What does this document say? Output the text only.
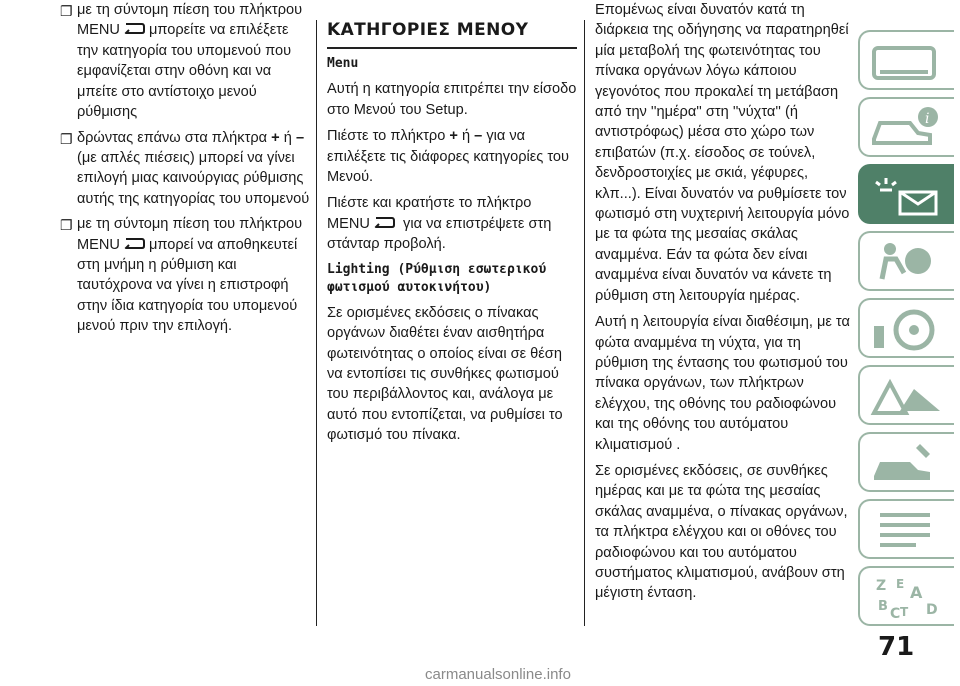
❐ με τη σύντομη πίεση του πλήκτρου
MENU μπορείτε να επιλέξετε την κατηγορία του υπομενού που εμφανίζεται στην οθόνη και να μπείτε στο αντίστοιχο μενού ρύθμισης
❐ δρώντας επάνω στα πλήκτρα + ή – (με απλές πιέσεις) μπορεί να γίνει επιλογή μιας καινούργιας ρύθμισης αυτής της κατηγορίας του υπομενού
❐ με τη σύντομη πίεση του πλήκτρου
MENU μπορεί να αποθηκευτεί στη μνήμη η ρύθμιση και ταυτόχρονα να γίνει η επιστροφή στην ίδια κατηγορία του υπομενού μενού πριν την επιλογή.
ΚΑΤΗΓΟΡΙΕΣ ΜΕΝΟΥ
Menu

Αυτή η κατηγορία επιτρέπει την είσοδο στο Μενού του Setup.

Πιέστε το πλήκτρο + ή – για να επιλέξετε τις διάφορες κατηγορίες του Μενού.

Πιέστε και κρατήστε το πλήκτρο
MENU για να επιστρέψετε στη στάνταρ προβολή.

Lighting (Ρύθμιση εσωτερικού φωτισμού αυτοκινήτου)

Σε ορισμένες εκδόσεις ο πίνακας οργάνων διαθέτει έναν αισθητήρα φωτεινότητας ο οποίος είναι σε θέση να εντοπίσει τις συνθήκες φωτισμού του περιβάλλοντος και, ανάλογα με αυτό που εντοπίζεται, να ρυθμίσει το φωτισμό του πίνακα.

Επομένως είναι δυνατόν κατά τη διάρκεια της οδήγησης να παρατηρηθεί μία μεταβολή της φωτεινότητας του πίνακα οργάνων λόγω κάποιου γεγονότος που προκαλεί τη μετάβαση από την ''ημέρα'' στη ''νύχτα'' (ή αντιστρόφως) μέσα στο χώρο των επιβατών (π.χ. είσοδος σε τούνελ, δενδροστοιχίες με σκιά, γέφυρες, κλπ...). Είναι δυνατόν να ρυθμίσετε τον φωτισμό στη νυχτερινή λειτουργία μόνο με τα φώτα της μεσαίας σκάλας αναμμένα. Εάν τα φώτα δεν είναι αναμμένα είναι δυνατόν να κάνετε τη ρύθμιση στη λειτουργία ημέρας.

Αυτή η λειτουργία είναι διαθέσιμη, με τα φώτα αναμμένα τη νύχτα, για τη ρύθμιση της έντασης του φωτισμού του πίνακα οργάνων, των πλήκτρων ελέγχου, της οθόνης του ραδιοφώνου και της οθόνης του αυτόματου κλιματισμού .

Σε ορισμένες εκδόσεις, σε συνθήκες ημέρας και με τα φώτα της μεσαίας σκάλας αναμμένα, ο πίνακας οργάνων, τα πλήκτρα ελέγχου και οι οθόνες του ραδιοφώνου και του αυτόματου συστήματος κλιματισμού, ανάβουν στη μέγιστη ένταση.

i
Z A
B C T D
E
71
carmanualsonline.info
